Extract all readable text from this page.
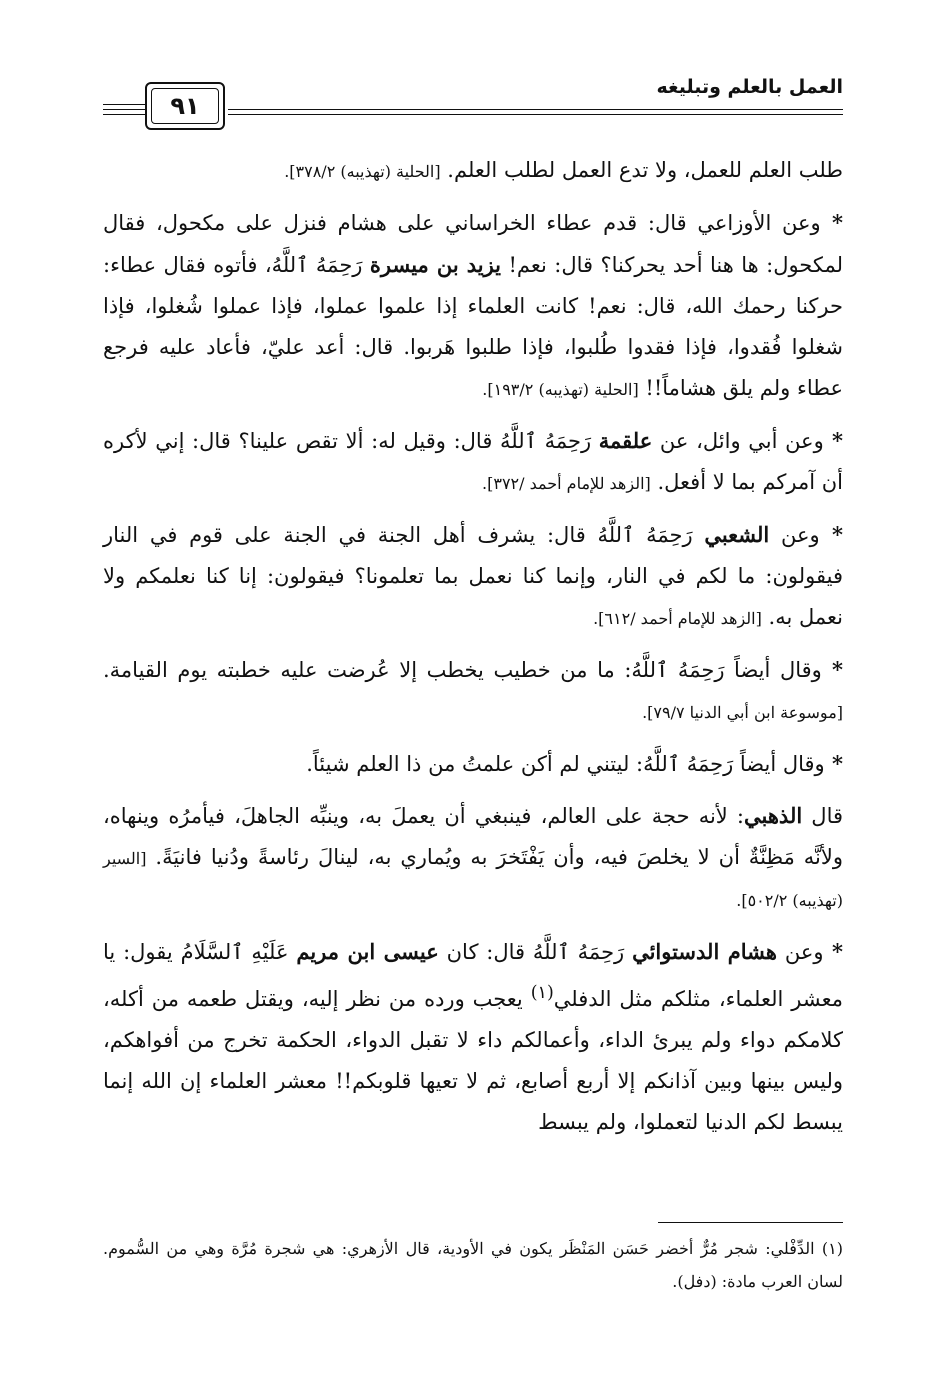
العمل بالعلم وتبليغه
٩١

طلب العلم للعمل، ولا تدع العمل لطلب العلم. [الحلية (تهذيبه) ٣٧٨/٢].

* وعن الأوزاعي قال: قدم عطاء الخراساني على هشام فنزل على مكحول، فقال لمكحول: ها هنا أحد يحركنا؟ قال: نعم! يزيد بن ميسرة رَحِمَهُ ٱللَّهُ، فأتوه فقال عطاء: حركنا رحمك الله، قال: نعم! كانت العلماء إذا علموا عملوا، فإذا عملوا شُغلوا، فإذا شغلوا فُقدوا، فإذا فقدوا طُلبوا، فإذا طلبوا هَربوا. قال: أعد عليّ، فأعاد عليه فرجع عطاء ولم يلق هشاماً!! [الحلية (تهذيبه) ١٩٣/٢].

* وعن أبي وائل، عن علقمة رَحِمَهُ ٱللَّهُ قال: وقيل له: ألا تقص علينا؟ قال: إني لأكره أن آمركم بما لا أفعل. [الزهد للإمام أحمد /٣٧٢].

* وعن الشعبي رَحِمَهُ ٱللَّهُ قال: يشرف أهل الجنة في الجنة على قوم في النار فيقولون: ما لكم في النار، وإنما كنا نعمل بما تعلمونا؟ فيقولون: إنا كنا نعلمكم ولا نعمل به. [الزهد للإمام أحمد /٦١٢].

* وقال أيضاً رَحِمَهُ ٱللَّهُ: ما من خطيب يخطب إلا عُرضت عليه خطبته يوم القيامة. [موسوعة ابن أبي الدنيا ٧٩/٧].

* وقال أيضاً رَحِمَهُ ٱللَّهُ: ليتني لم أكن علمتُ من ذا العلم شيئاً.

قال الذهبي: لأنه حجة على العالم، فينبغي أن يعملَ به، وينبِّه الجاهلَ، فيأمرُه وينهاه، ولأنَّه مَظِنَّةٌ أن لا يخلصَ فيه، وأن يَفْتَخرَ به ويُماري به، لينالَ رئاسةً ودُنيا فانيَةً. [السير (تهذيبه) ٥٠٢/٢].

* وعن هشام الدستوائي رَحِمَهُ ٱللَّهُ قال: كان عيسى ابن مريم عَلَيْهِ ٱلسَّلَامُ يقول: يا معشر العلماء، مثلكم مثل الدفلي$^{(١)}$ يعجب ورده من نظر إليه، ويقتل طعمه من أكله، كلامكم دواء ولم يبرئ الداء، وأعمالكم داء لا تقبل الدواء، الحكمة تخرج من أفواهكم، وليس بينها وبين آذانكم إلا أربع أصابع، ثم لا تعيها قلوبكم!! معشر العلماء إن الله إنما يبسط لكم الدنيا لتعملوا، ولم يبسط

(١) الدِّفْلي: شجر مُرٌّ أخضر حَسَن المَنْظَر يكون في الأودية، قال الأزهري: هي شجرة مُرَّة وهي من السُّموم. لسان العرب مادة: (دفل).
